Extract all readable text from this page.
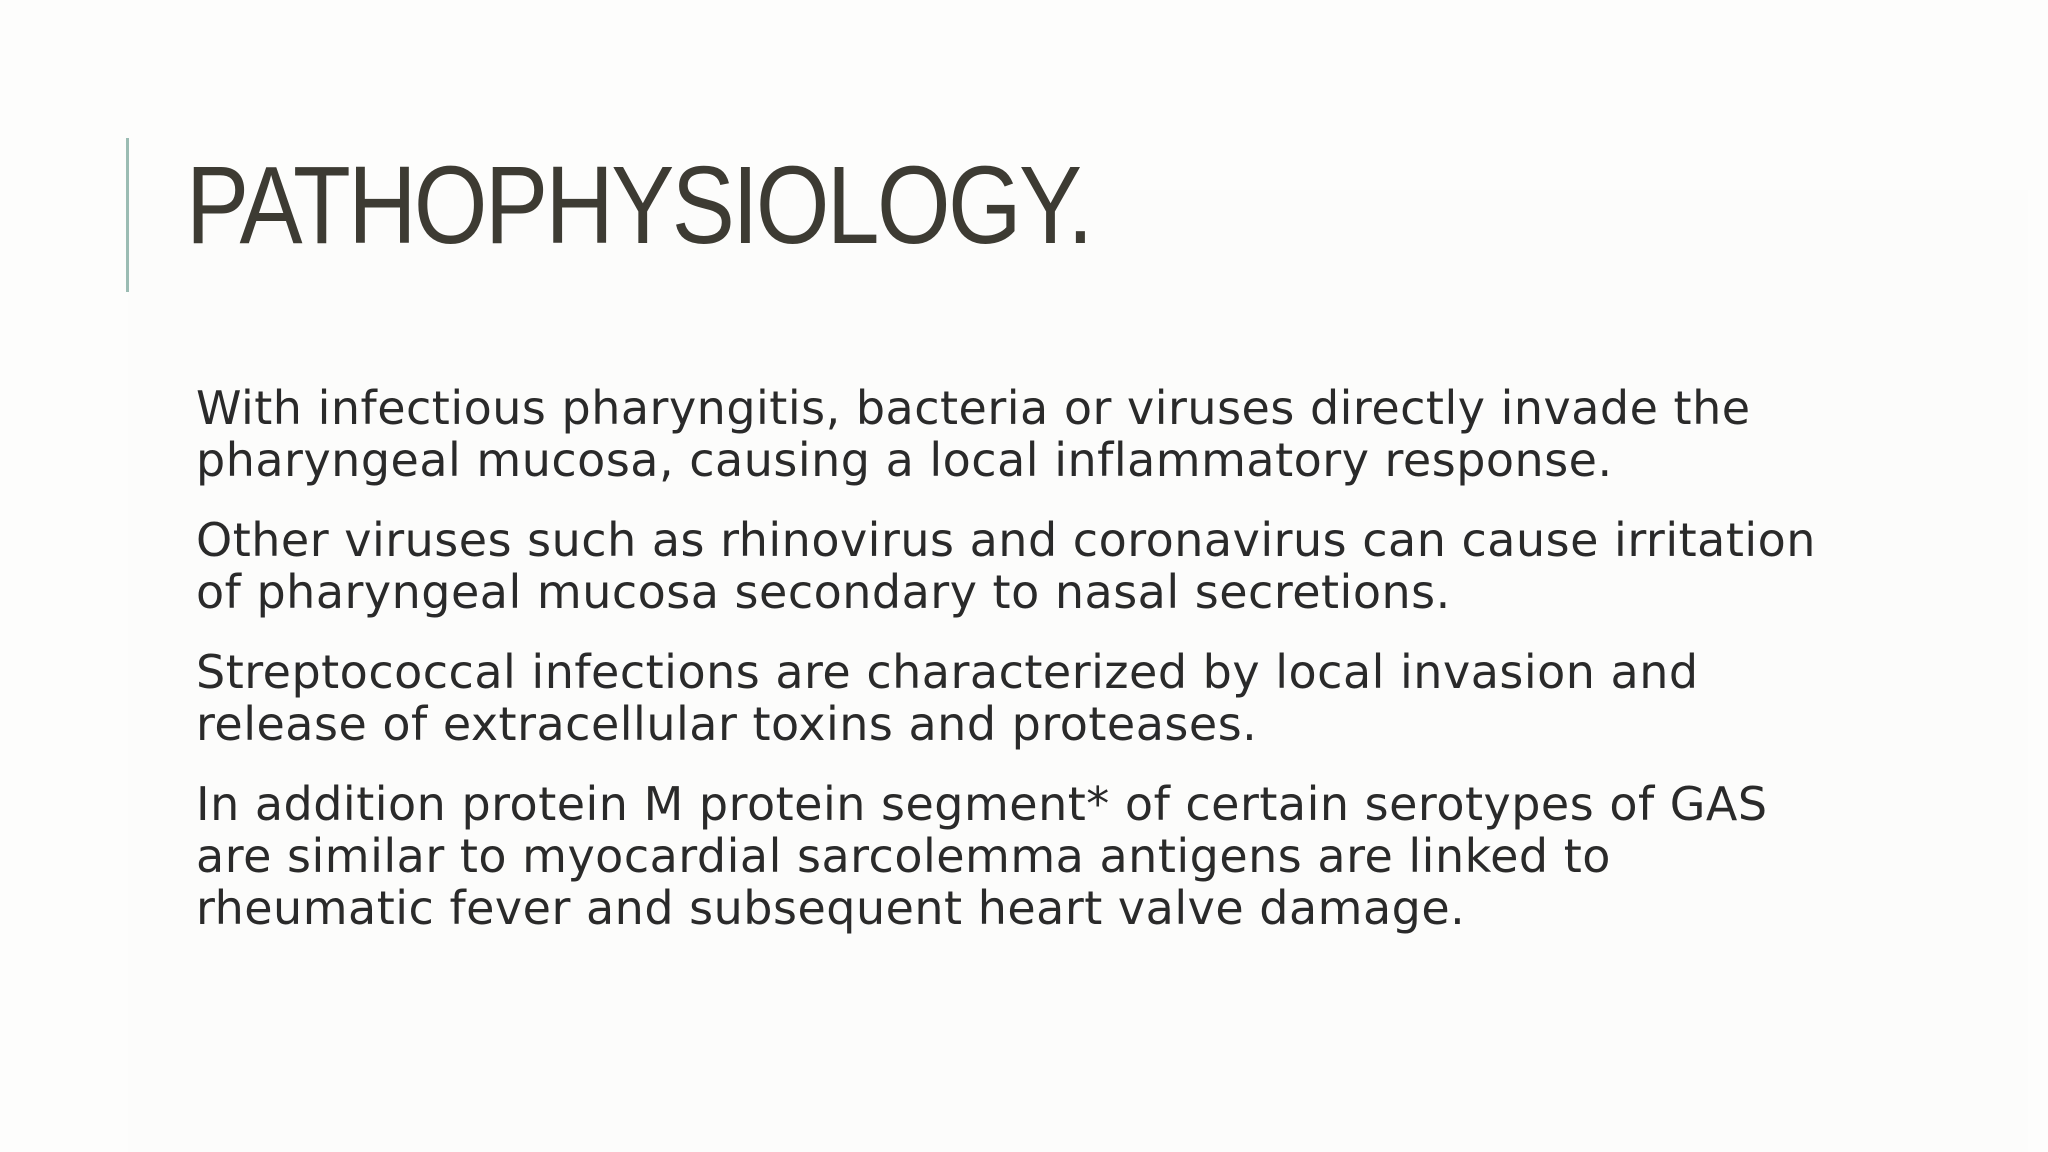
PATHOPHYSIOLOGY.

With infectious pharyngitis, bacteria or viruses directly invade the
pharyngeal mucosa, causing a local inflammatory response.

Other viruses such as rhinovirus and coronavirus can cause irritation
of pharyngeal mucosa secondary to nasal secretions.

Streptococcal infections are characterized by local invasion and
release of extracellular toxins and proteases.

In addition protein M protein segment* of certain serotypes of GAS
are similar to myocardial sarcolemma antigens are linked to
rheumatic fever and subsequent heart valve damage.
